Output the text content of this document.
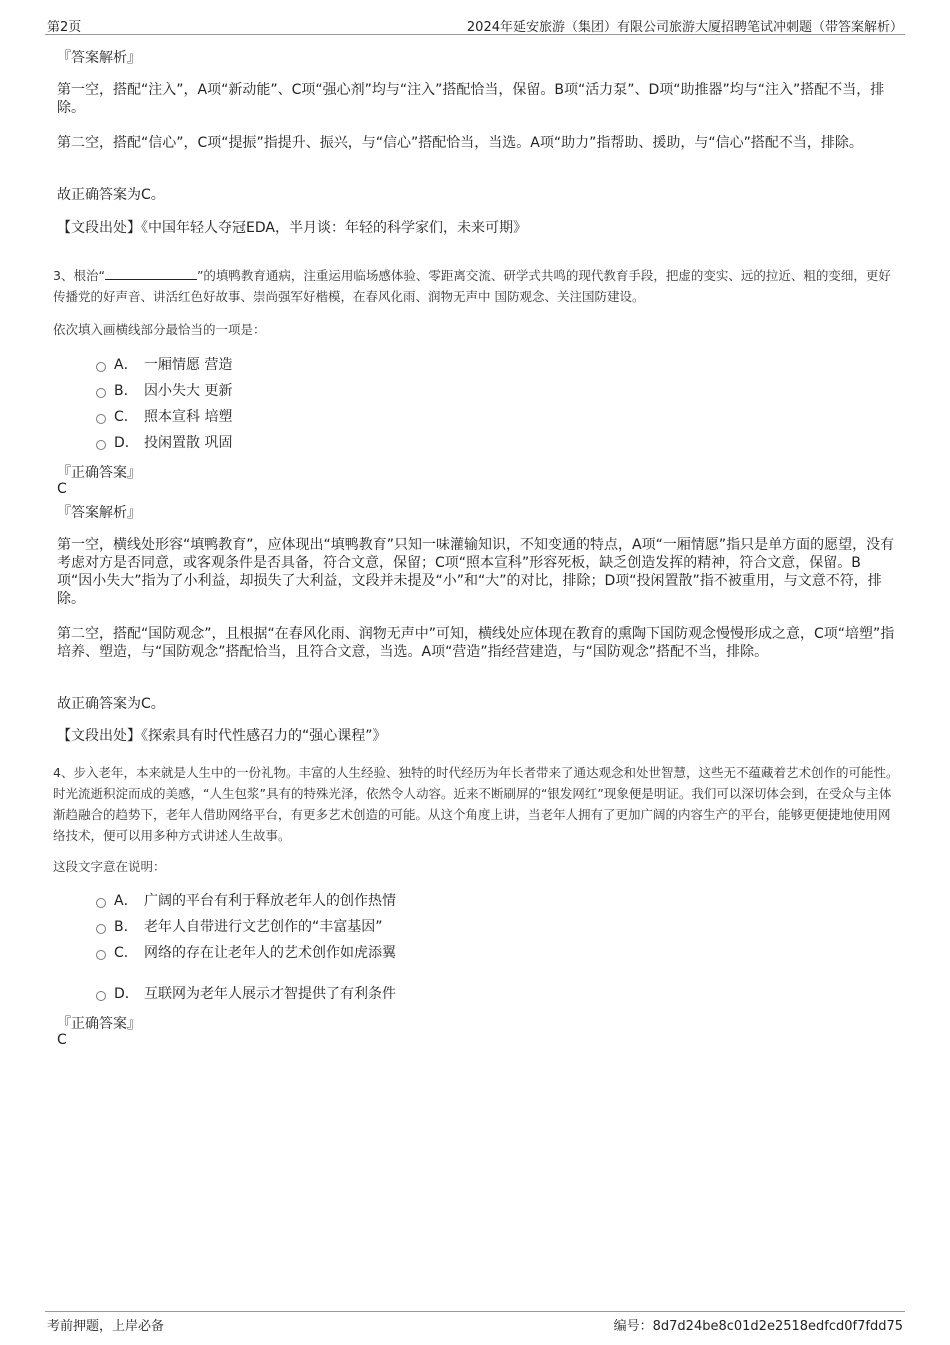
第2页	2024年延安旅游（集团）有限公司旅游大厦招聘笔试冲刺题（带答案解析）
『答案解析』
第一空，搭配“注入”，A项“新动能”、C项“强心剂”均与“注入”搭配恰当，保留。B项“活力泵”、D项“助推器”均与“注入”搭配不当，排除。
第二空，搭配“信心”，C项“提振”指提升、振兴，与“信心”搭配恰当，当选。A项“助力”指帮助、援助，与“信心”搭配不当，排除。
故正确答案为C。
【文段出处】《中国年轻人夺冠EDA，半月谈：年轻的科学家们，未来可期》
3、根治“	”的填鸭教育通病，注重运用临场感体验、零距离交流、研学式共鸣的现代教育手段，把虚的变实、远的拉近、粗的变细，更好传播党的好声音、讲活红色好故事、崇尚强军好楷模，在春风化雨、润物无声中 国防观念、关注国防建设。
依次填入画横线部分最恰当的一项是：
A． 一厢情愿 营造
B． 因小失大 更新
C． 照本宣科 培塑
D． 投闲置散 巩固
『正确答案』
C
『答案解析』
第一空，横线处形容“填鸭教育”，应体现出“填鸭教育”只知一味灌输知识，不知变通的特点，A项“一厢情愿”指只是单方面的愿望，没有考虑对方是否同意，或客观条件是否具备，符合文意，保留；C项“照本宣科”形容死板，缺乏创造发挥的精神，符合文意，保留。B项“因小失大”指为了小利益，却损失了大利益，文段并未提及“小”和“大”的对比，排除；D项“投闲置散”指不被重用，与文意不符，排除。
第二空，搭配“国防观念”，且根据“在春风化雨、润物无声中”可知，横线处应体现在教育的熏陶下国防观念慢慢形成之意，C项“培塑”指培养、塑造，与“国防观念”搭配恰当，且符合文意，当选。A项“营造”指经营建造，与“国防观念”搭配不当，排除。
故正确答案为C。
【文段出处】《探索具有时代性感召力的“强心课程”》
4、步入老年，本来就是人生中的一份礼物。丰富的人生经验、独特的时代经历为年长者带来了通达观念和处世智慧，这些无不蕴藏着艺术创作的可能性。时光流逝积淀而成的美感，“人生包浆”具有的特殊光泽，依然令人动容。近来不断刷屏的“银发网红”现象便是明证。我们可以深切体会到，在受众与主体渐趋融合的趋势下，老年人借助网络平台，有更多艺术创造的可能。从这个角度上讲，当老年人拥有了更加广阔的内容生产的平台，能够更便捷地使用网络技术，便可以用多种方式讲述人生故事。
这段文字意在说明：
A． 广阔的平台有利于释放老年人的创作热情
B． 老年人自带进行文艺创作的“丰富基因”
C． 网络的存在让老年人的艺术创作如虎添翼
D． 互联网为老年人展示才智提供了有利条件
『正确答案』
C
考前押题，上岸必备	编号：8d7d24be8c01d2e2518edfcd0f7fdd75
